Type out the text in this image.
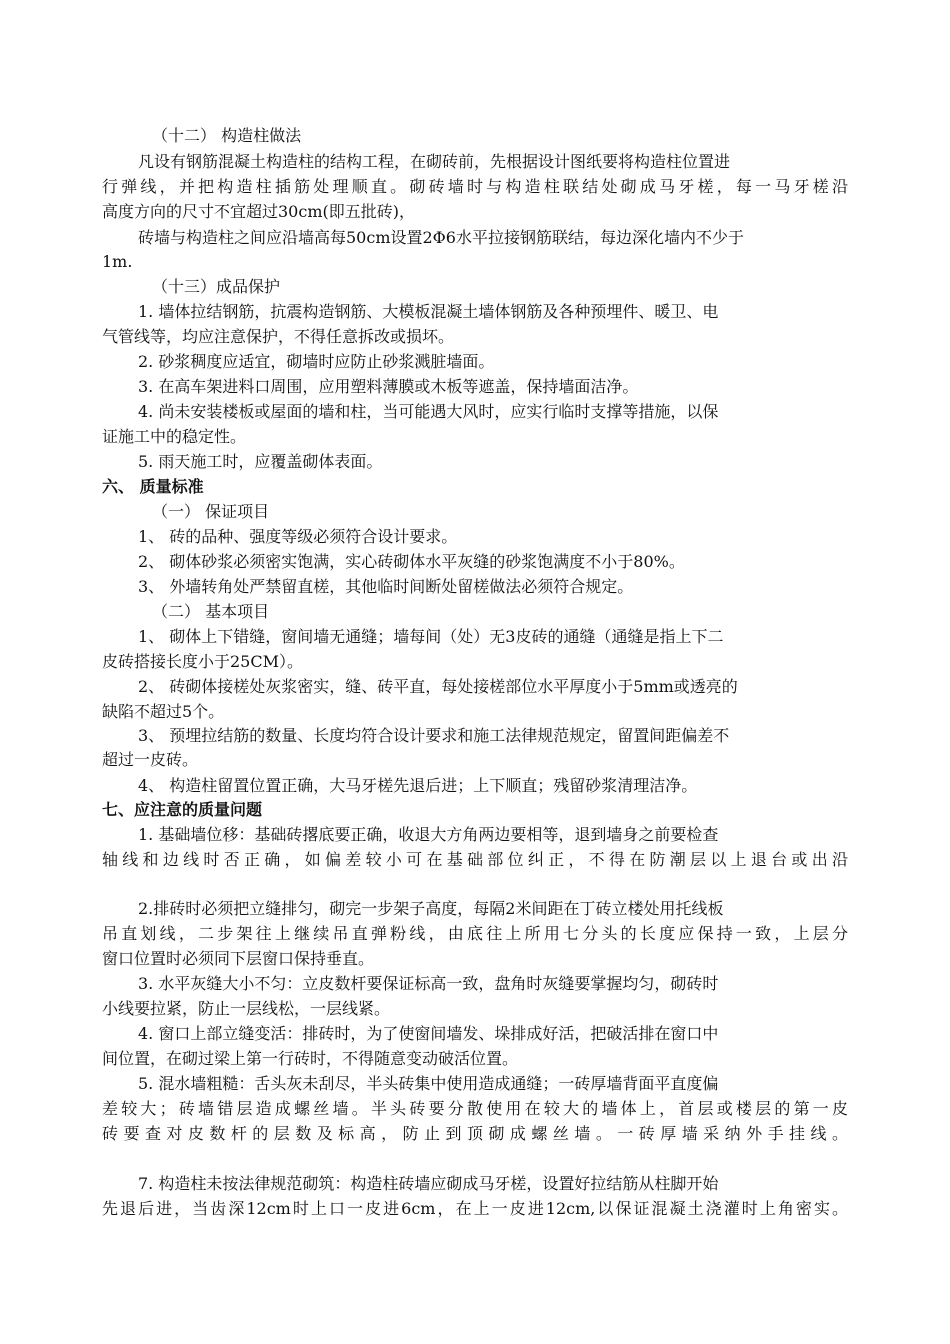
（十二） 构造柱做法
凡设有钢筋混凝土构造柱的结构工程，在砌砖前，先根据设计图纸要将构造柱位置进
行弹线，并把构造柱插筋处理顺直。砌砖墙时与构造柱联结处砌成马牙槎，每一马牙槎沿
高度方向的尺寸不宜超过30cm(即五批砖)，
砖墙与构造柱之间应沿墙高每50cm设置2Φ6水平拉接钢筋联结，每边深化墙内不少于
1m.
（十三）成品保护
1. 墙体拉结钢筋，抗震构造钢筋、大模板混凝土墙体钢筋及各种预埋件、暖卫、电
气管线等，均应注意保护，不得任意拆改或损坏。
2. 砂浆稠度应适宜，砌墙时应防止砂浆溅脏墙面。
3. 在高车架进料口周围，应用塑料薄膜或木板等遮盖，保持墙面洁净。
4. 尚未安装楼板或屋面的墙和柱，当可能遇大风时，应实行临时支撑等措施，以保
证施工中的稳定性。
5. 雨天施工时，应覆盖砌体表面。
六、 质量标准
（一） 保证项目
1、 砖的品种、强度等级必须符合设计要求。
2、 砌体砂浆必须密实饱满，实心砖砌体水平灰缝的砂浆饱满度不小于80%。
3、 外墙转角处严禁留直槎，其他临时间断处留槎做法必须符合规定。
（二） 基本项目
1、 砌体上下错缝，窗间墙无通缝；墙每间（处）无3皮砖的通缝（通缝是指上下二
皮砖搭接长度小于25CM）。
2、 砖砌体接槎处灰浆密实，缝、砖平直，每处接槎部位水平厚度小于5mm或透亮的
缺陷不超过5个。
3、 预埋拉结筋的数量、长度均符合设计要求和施工法律规范规定，留置间距偏差不
超过一皮砖。
4、 构造柱留置位置正确，大马牙槎先退后进；上下顺直；残留砂浆清理洁净。
七、应注意的质量问题
1. 基础墙位移：基础砖撂底要正确，收退大方角两边要相等，退到墙身之前要检查
轴线和边线时否正确，如偏差较小可在基础部位纠正，不得在防潮层以上退台或出沿
2.排砖时必须把立缝排匀，砌完一步架子高度，每隔2米间距在丁砖立楼处用托线板
吊直划线，二步架往上继续吊直弹粉线，由底往上所用七分头的长度应保持一致，上层分
窗口位置时必须同下层窗口保持垂直。
3. 水平灰缝大小不匀：立皮数杆要保证标高一致，盘角时灰缝要掌握均匀，砌砖时
小线要拉紧，防止一层线松，一层线紧。
4. 窗口上部立缝变活：排砖时，为了使窗间墙发、垛排成好活，把破活排在窗口中
间位置，在砌过梁上第一行砖时，不得随意变动破活位置。
5. 混水墙粗糙：舌头灰未刮尽，半头砖集中使用造成通缝；一砖厚墙背面平直度偏
差较大；砖墙错层造成螺丝墙。半头砖要分散使用在较大的墙体上，首层或楼层的第一皮
砖要查对皮数杆的层数及标高，防止到顶砌成螺丝墙。一砖厚墙采纳外手挂线。
7. 构造柱未按法律规范砌筑：构造柱砖墙应砌成马牙槎，设置好拉结筋从柱脚开始
先退后进，当齿深12cm时上口一皮进6cm，在上一皮进12cm,以保证混凝土浇灌时上角密实。
